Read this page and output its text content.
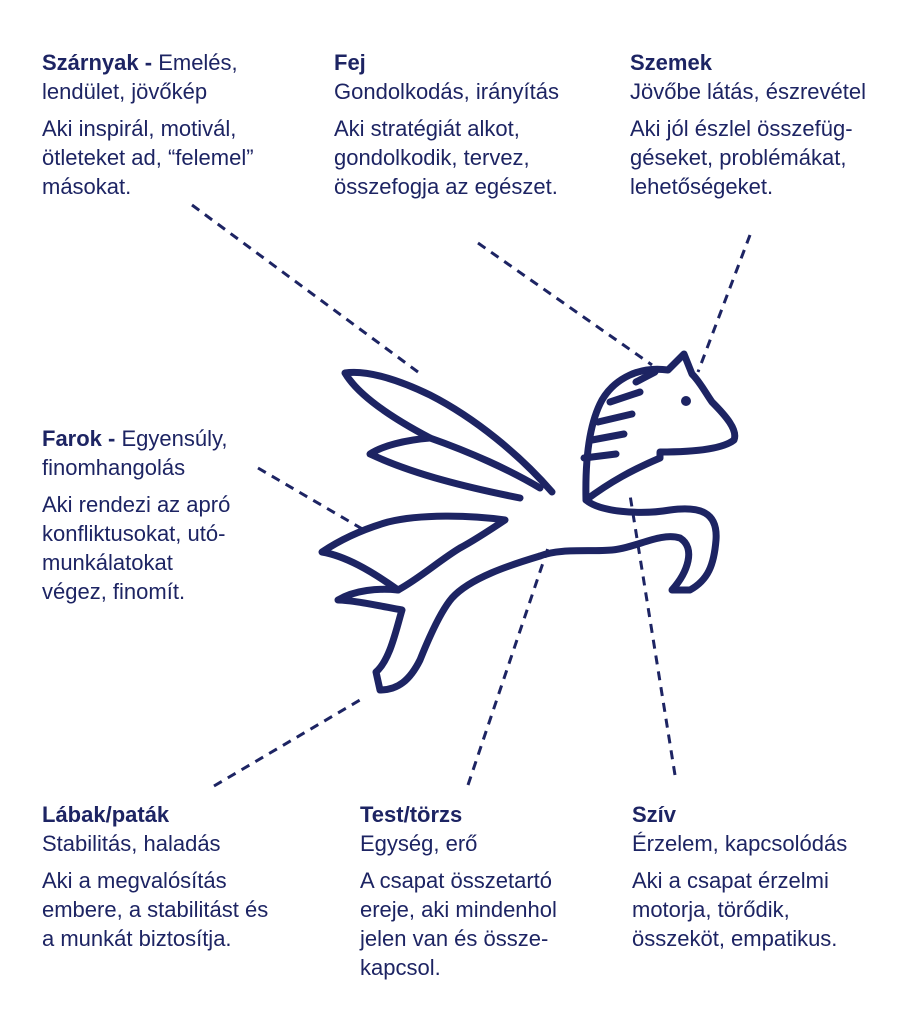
Szárnyak - Emelés,
lendület, jövőkép

Aki inspirál, motivál,

ötleteket ad, “felemel”

másokat.

Fej
Gondolkodás, irányítás

Aki stratégiát alkot,

gondolkodik, tervez,

összefogja az egészet.

Szemek
Jövőbe látás, észrevétel

Aki jól észlel összefüg-

géseket, problémákat,

lehetőségeket.

Farok - Egyensúly,
finomhangolás

Aki rendezi az apró

konfliktusokat, utó-

munkálatokat

végez, finomít.

Lábak/paták
Stabilitás, haladás

Aki a megvalósítás

embere, a stabilitást és

a munkát biztosítja.

Test/törzs
Egység, erő

A csapat összetartó

ereje, aki mindenhol

jelen van és össze-

kapcsol.

Szív
Érzelem, kapcsolódás

Aki a csapat érzelmi

motorja, törődik,

összeköt, empatikus.
